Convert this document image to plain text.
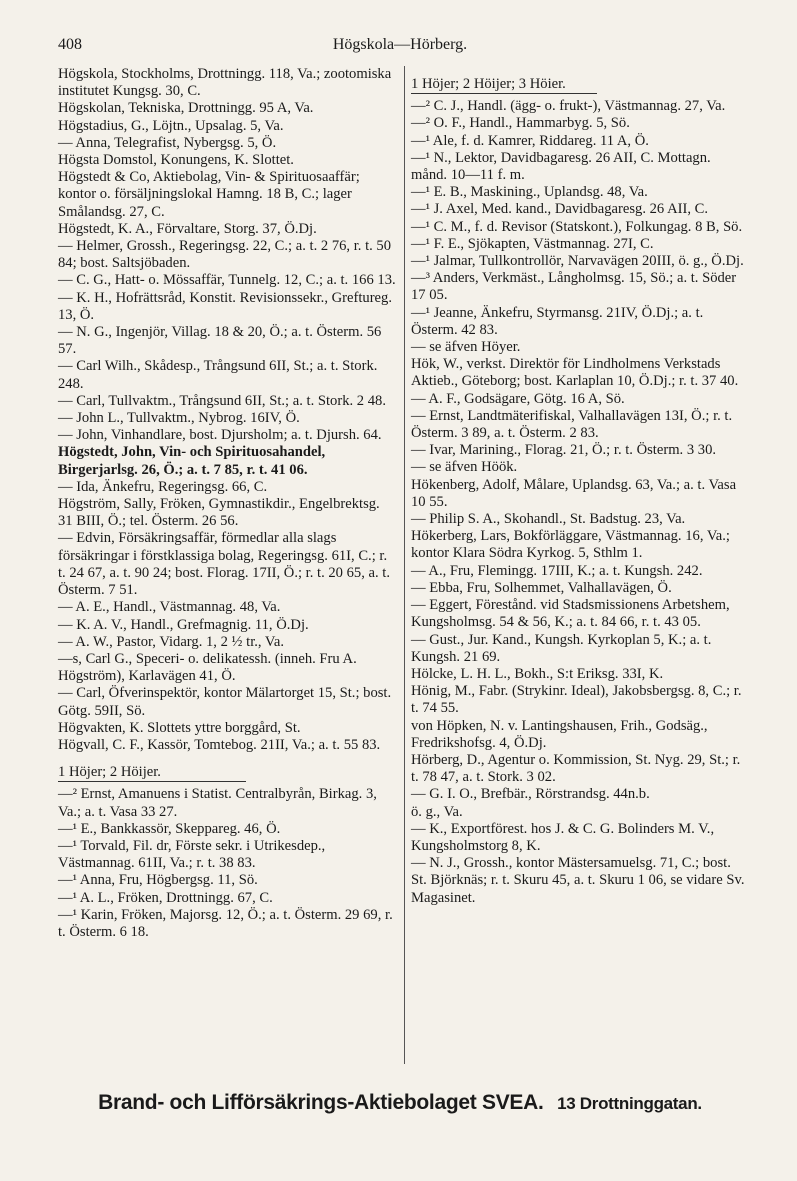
408	Högskola—Hörberg.
Högskola, Stockholms, Drottningg. 118, Va.; zootomiska institutet Kungsg. 30, C.
Högskolan, Tekniska, Drottningg. 95 A, Va.
Högstadius, G., Löjtn., Upsalag. 5, Va.
— Anna, Telegrafist, Nybergsg. 5, Ö.
Högsta Domstol, Konungens, K. Slottet.
Högstedt & Co, Aktiebolag, Vin- & Spirituosaaffär; kontor o. försäljningslokal Hamng. 18 B, C.; lager Smålandsg. 27, C.
Högstedt, K. A., Förvaltare, Storg. 37, Ö.Dj.
— Helmer, Grossh., Regeringsg. 22, C.; a. t. 2 76, r. t. 50 84; bost. Saltsjöbaden.
— C. G., Hatt- o. Mössaffär, Tunnelg. 12, C.; a. t. 166 13.
— K. H., Hofrättsråd, Konstit. Revisionssekr., Greftureg. 13, Ö.
— N. G., Ingenjör, Villag. 18 & 20, Ö.; a. t. Österm. 56 57.
— Carl Wilh., Skådesp., Trångsund 6II, St.; a. t. Stork. 248.
— Carl, Tullvaktm., Trångsund 6II, St.; a. t. Stork. 2 48.
— John L., Tullvaktm., Nybrog. 16IV, Ö.
— John, Vinhandlare, bost. Djursholm; a. t. Djursh. 64.
Högstedt, John, Vin- och Spirituosahandel, Birgerjarlsg. 26, Ö.; a. t. 7 85, r. t. 41 06.
— Ida, Änkefru, Regeringsg. 66, C.
Högström, Sally, Fröken, Gymnastikdir., Engelbrektsg. 31 BIII, Ö.; tel. Österm. 26 56.
— Edvin, Försäkringsaffär, förmedlar alla slags försäkringar i förstklassiga bolag, Regeringsg. 61I, C.; r. t. 24 67, a. t. 90 24; bost. Florag. 17II, Ö.; r. t. 20 65, a. t. Österm. 7 51.
— A. E., Handl., Västmannag. 48, Va.
— K. A. V., Handl., Grefmagnig. 11, Ö.Dj.
— A. W., Pastor, Vidarg. 1, 2 ½ tr., Va.
—s, Carl G., Speceri- o. delikatessh. (inneh. Fru A. Högström), Karlavägen 41, Ö.
— Carl, Öfverinspektör, kontor Mälartorget 15, St.; bost. Götg. 59II, Sö.
Högvakten, K. Slottets yttre borggård, St.
Högvall, C. F., Kassör, Tomtebog. 21II, Va.; a. t. 55 83.
1 Höjer; 2 Höijer.
—² Ernst, Amanuens i Statist. Centralbyrån, Birkag. 3, Va.; a. t. Vasa 33 27.
—¹ E., Bankkassör, Skeppareg. 46, Ö.
—¹ Torvald, Fil. dr, Förste sekr. i Utrikesdep., Västmannag. 61II, Va.; r. t. 38 83.
—¹ Anna, Fru, Högbergsg. 11, Sö.
—¹ A. L., Fröken, Drottningg. 67, C.
—¹ Karin, Fröken, Majorsg. 12, Ö.; a. t. Österm. 29 69, r. t. Österm. 6 18.
1 Höjer; 2 Höijer; 3 Höier.
—² C. J., Handl. (ägg- o. frukt-), Västmannag. 27, Va.
—² O. F., Handl., Hammarbyg. 5, Sö.
—¹ Ale, f. d. Kamrer, Riddareg. 11 A, Ö.
—¹ N., Lektor, Davidbagaresg. 26 AII, C. Mottagn. månd. 10—11 f. m.
—¹ E. B., Maskining., Uplandsg. 48, Va.
—¹ J. Axel, Med. kand., Davidbagaresg. 26 AII, C.
—¹ C. M., f. d. Revisor (Statskont.), Folkungag. 8 B, Sö.
—¹ F. E., Sjökapten, Västmannag. 27I, C.
—¹ Jalmar, Tullkontrollör, Narvavägen 20III, ö. g., Ö.Dj.
—³ Anders, Verkmäst., Långholmsg. 15, Sö.; a. t. Söder 17 05.
—¹ Jeanne, Änkefru, Styrmansg. 21IV, Ö.Dj.; a. t. Österm. 42 83.
— se äfven Höyer.
Hök, W., verkst. Direktör för Lindholmens Verkstads Aktieb., Göteborg; bost. Karlaplan 10, Ö.Dj.; r. t. 37 40.
— A. F., Godsägare, Götg. 16 A, Sö.
— Ernst, Landtmäterifiskal, Valhallavägen 13I, Ö.; r. t. Österm. 3 89, a. t. Österm. 2 83.
— Ivar, Marining., Florag. 21, Ö.; r. t. Österm. 3 30.
— se äfven Höök.
Hökenberg, Adolf, Målare, Uplandsg. 63, Va.; a. t. Vasa 10 55.
— Philip S. A., Skohandl., St. Badstug. 23, Va.
Hökerberg, Lars, Bokförläggare, Västmannag. 16, Va.; kontor Klara Södra Kyrkog. 5, Sthlm 1.
— A., Fru, Flemingg. 17III, K.; a. t. Kungsh. 242.
— Ebba, Fru, Solhemmet, Valhallavägen, Ö.
— Eggert, Förestånd. vid Stadsmissionens Arbetshem, Kungsholmsg. 54 & 56, K.; a. t. 84 66, r. t. 43 05.
— Gust., Jur. Kand., Kungsh. Kyrkoplan 5, K.; a. t. Kungsh. 21 69.
Hölcke, L. H. L., Bokh., S:t Eriksg. 33I, K.
Hönig, M., Fabr. (Strykinr. Ideal), Jakobsbergsg. 8, C.; r. t. 74 55.
von Höpken, N. v. Lantingshausen, Frih., Godsäg., Fredrikshofsg. 4, Ö.Dj.
Hörberg, D., Agentur o. Kommission, St. Nyg. 29, St.; r. t. 78 47, a. t. Stork. 3 02.
— G. I. O., Brefbär., Rörstrandsg. 44n.b.
ö. g., Va.
— K., Exportförest. hos J. & C. G. Bolinders M. V., Kungsholmstorg 8, K.
— N. J., Grossh., kontor Mästersamuelsg. 71, C.; bost. St. Björknäs; r. t. Skuru 45, a. t. Skuru 1 06, se vidare Sv. Magasinet.
Brand- och Lifförsäkrings-Aktiebolaget SVEA. 13 Drottninggatan.
